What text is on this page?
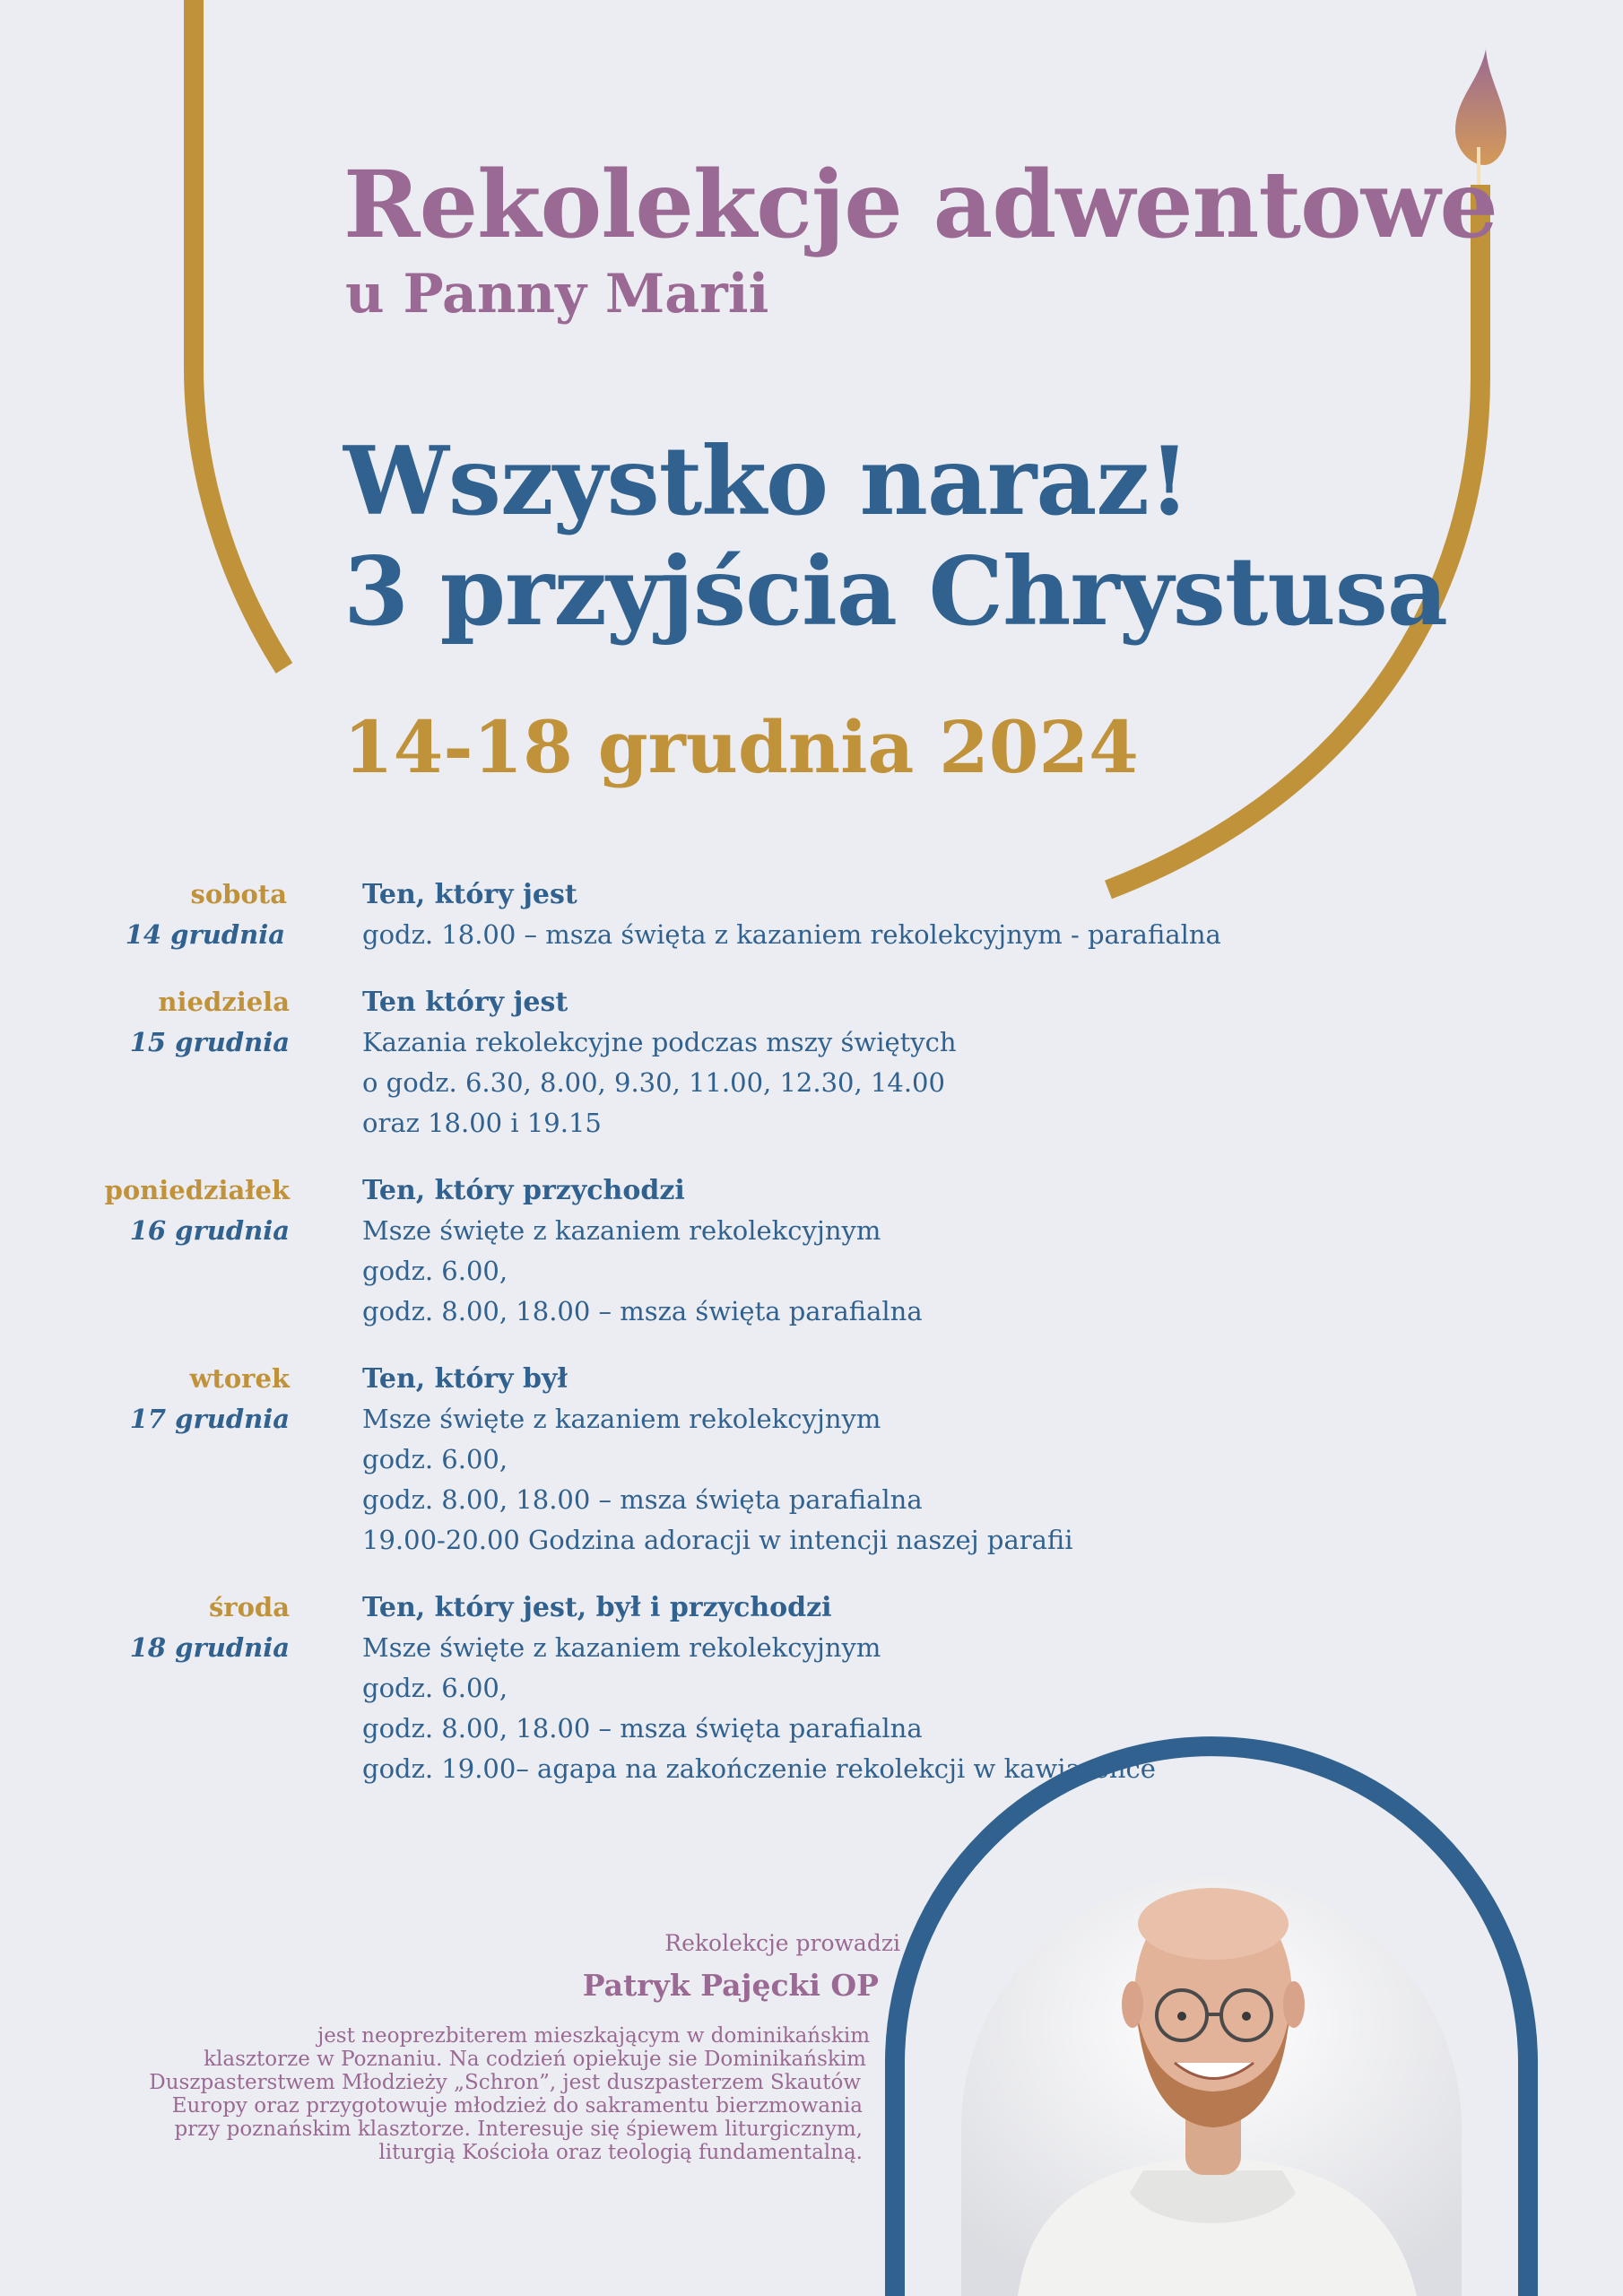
Rekolekcje adwentowe
u Panny Marii
Wszystko naraz!
3 przyjścia Chrystusa
14-18 grudnia 2024
sobota
14 grudnia
Ten, który jest
godz. 18.00 – msza święta z kazaniem rekolekcyjnym - parafialna
niedziela
15 grudnia
Ten który jest
Kazania rekolekcyjne podczas mszy świętych
o godz. 6.30, 8.00, 9.30, 11.00, 12.30, 14.00
oraz 18.00 i 19.15
poniedziałek
16 grudnia
Ten, który przychodzi
Msze święte z kazaniem rekolekcyjnym
godz. 6.00,
godz. 8.00, 18.00 – msza święta parafialna
wtorek
17 grudnia
Ten, który był
Msze święte z kazaniem rekolekcyjnym
godz. 6.00,
godz. 8.00, 18.00 – msza święta parafialna
19.00-20.00 Godzina adoracji w intencji naszej parafii
środa
18 grudnia
Ten, który jest, był i przychodzi
Msze święte z kazaniem rekolekcyjnym
godz. 6.00,
godz. 8.00, 18.00 – msza święta parafialna
godz. 19.00– agapa na zakończenie rekolekcji w kawiarence
Rekolekcje prowadzi
Patryk Pajęcki OP
jest neoprezbiterem mieszkającym w dominikańskim
klasztorze w Poznaniu. Na codzień opiekuje sie Dominikańskim
Duszpasterstwem Młodzieży „Schron”, jest duszpasterzem Skautów
Europy oraz przygotowuje młodzież do sakramentu bierzmowania
przy poznańskim klasztorze. Interesuje się śpiewem liturgicznym,
liturgią Kościoła oraz teologią fundamentalną.
